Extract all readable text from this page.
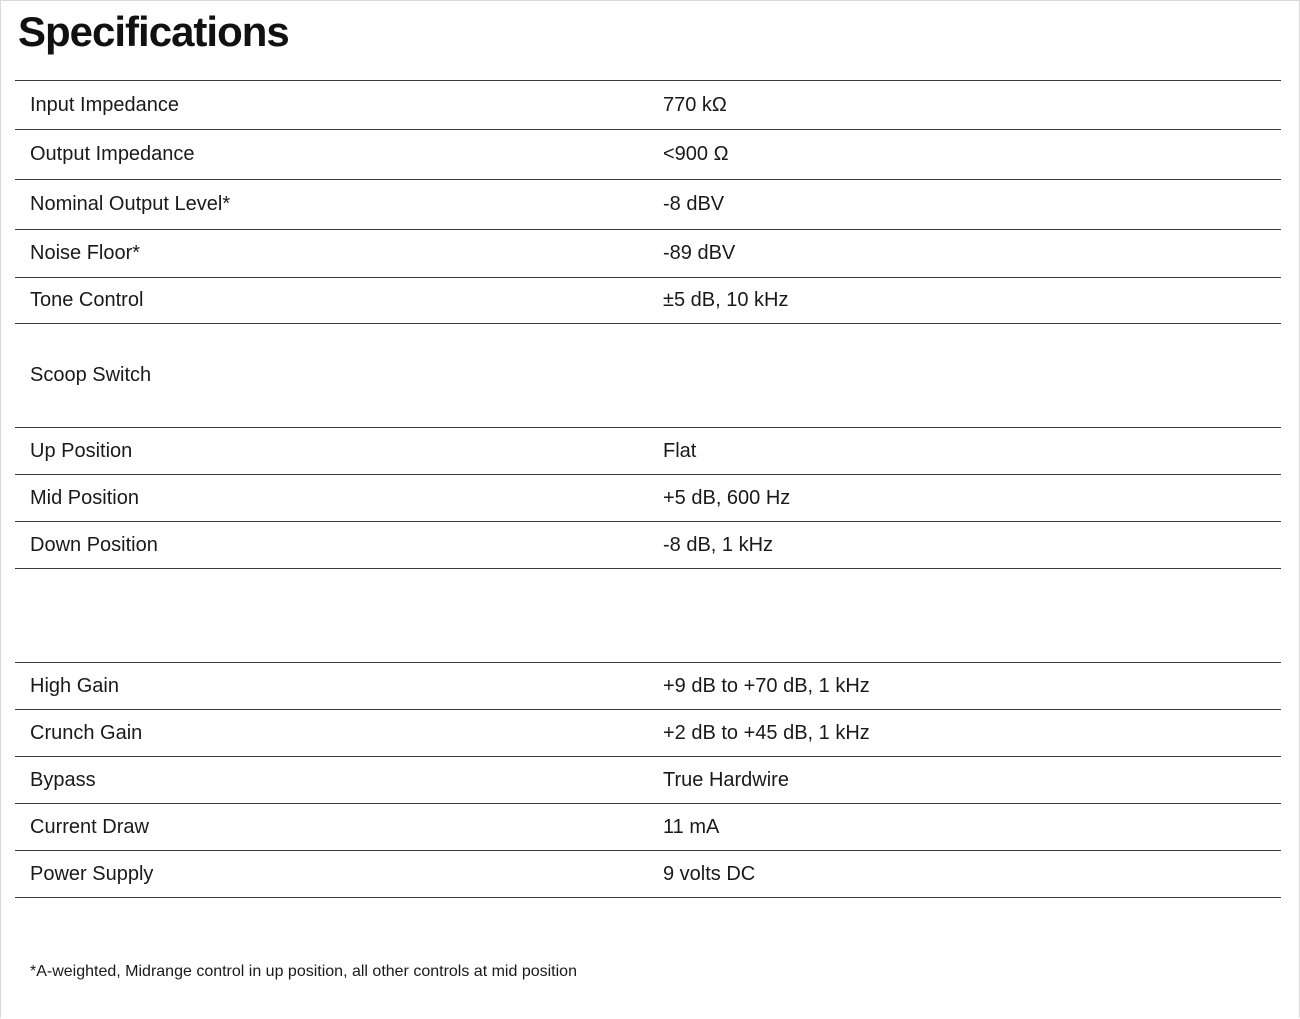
Specifications
Input Impedance	770 kΩ
Output Impedance	<900 Ω
Nominal Output Level*	-8 dBV
Noise Floor*	-89 dBV
Tone Control	±5 dB, 10 kHz
Scoop Switch
Up Position	Flat
Mid Position	+5 dB, 600 Hz
Down Position	-8 dB, 1 kHz
High Gain	+9 dB to +70 dB, 1 kHz
Crunch Gain	+2 dB to +45 dB, 1 kHz
Bypass	True Hardwire
Current Draw	11 mA
Power Supply	9 volts DC
*A-weighted, Midrange control in up position, all other controls at mid position
